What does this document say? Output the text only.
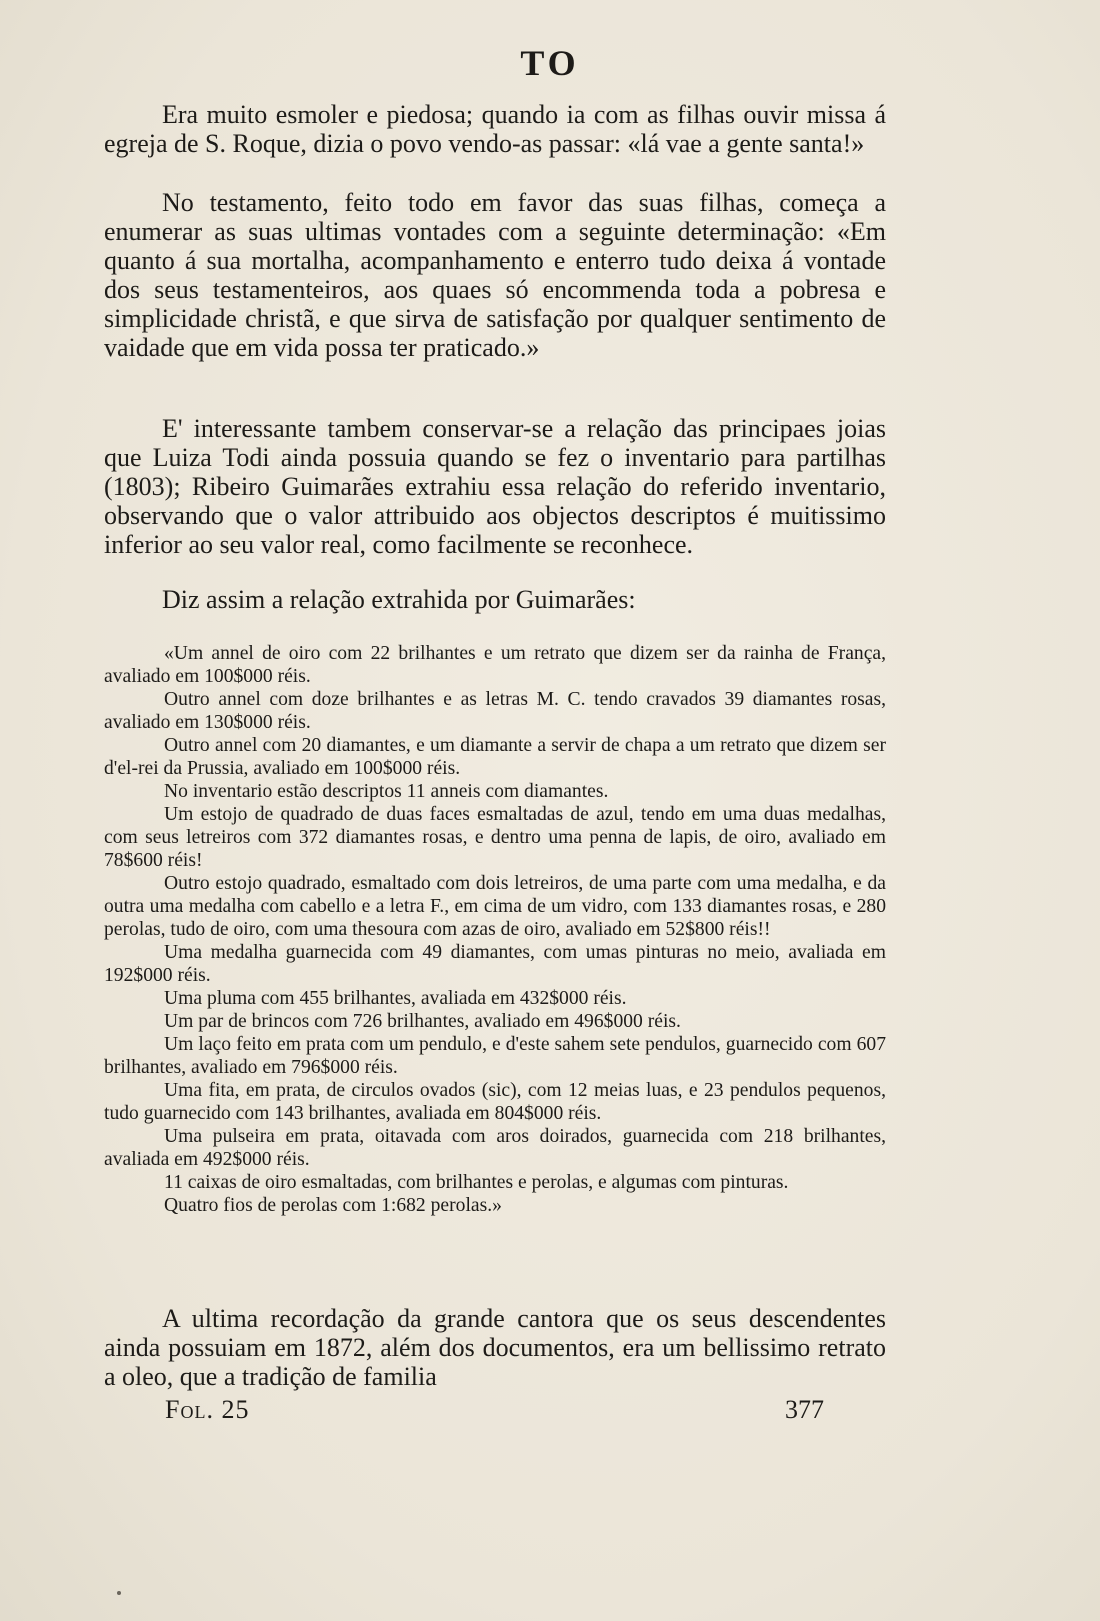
TO

Era muito esmoler e piedosa; quando ia com as filhas ouvir missa á egreja de S. Roque, dizia o povo vendo-as passar: «lá vae a gente santa!»

No testamento, feito todo em favor das suas filhas, começa a enumerar as suas ultimas vontades com a seguinte determinação: «Em quanto á sua mortalha, acompanhamento e enterro tudo deixa á vontade dos seus testamenteiros, aos quaes só encommenda toda a pobresa e simplicidade christã, e que sirva de satisfação por qualquer sentimento de vaidade que em vida possa ter praticado.»

E' interessante tambem conservar-se a relação das principaes joias que Luiza Todi ainda possuia quando se fez o inventario para partilhas (1803); Ribeiro Guimarães extrahiu essa relação do referido inventario, observando que o valor attribuido aos objectos descriptos é muitissimo inferior ao seu valor real, como facilmente se reconhece.

Diz assim a relação extrahida por Guimarães:

«Um annel de oiro com 22 brilhantes e um retrato que dizem ser da rainha de França, avaliado em 100$000 réis.

Outro annel com doze brilhantes e as letras M. C. tendo cravados 39 diamantes rosas, avaliado em 130$000 réis.

Outro annel com 20 diamantes, e um diamante a servir de chapa a um retrato que dizem ser d'el-rei da Prussia, avaliado em 100$000 réis.

No inventario estão descriptos 11 anneis com diamantes.

Um estojo de quadrado de duas faces esmaltadas de azul, tendo em uma duas medalhas, com seus letreiros com 372 diamantes rosas, e dentro uma penna de lapis, de oiro, avaliado em 78$600 réis!

Outro estojo quadrado, esmaltado com dois letreiros, de uma parte com uma medalha, e da outra uma medalha com cabello e a letra F., em cima de um vidro, com 133 diamantes rosas, e 280 perolas, tudo de oiro, com uma thesoura com azas de oiro, avaliado em 52$800 réis!!

Uma medalha guarnecida com 49 diamantes, com umas pinturas no meio, avaliada em 192$000 réis.

Uma pluma com 455 brilhantes, avaliada em 432$000 réis.

Um par de brincos com 726 brilhantes, avaliado em 496$000 réis.

Um laço feito em prata com um pendulo, e d'este sahem sete pendulos, guarnecido com 607 brilhantes, avaliado em 796$000 réis.

Uma fita, em prata, de circulos ovados (sic), com 12 meias luas, e 23 pendulos pequenos, tudo guarnecido com 143 brilhantes, avaliada em 804$000 réis.

Uma pulseira em prata, oitavada com aros doirados, guarnecida com 218 brilhantes, avaliada em 492$000 réis.

11 caixas de oiro esmaltadas, com brilhantes e perolas, e algumas com pinturas.

Quatro fios de perolas com 1:682 perolas.»

A ultima recordação da grande cantora que os seus descendentes ainda possuiam em 1872, além dos documentos, era um bellissimo retrato a oleo, que a tradição de familia

Fol. 25	377
